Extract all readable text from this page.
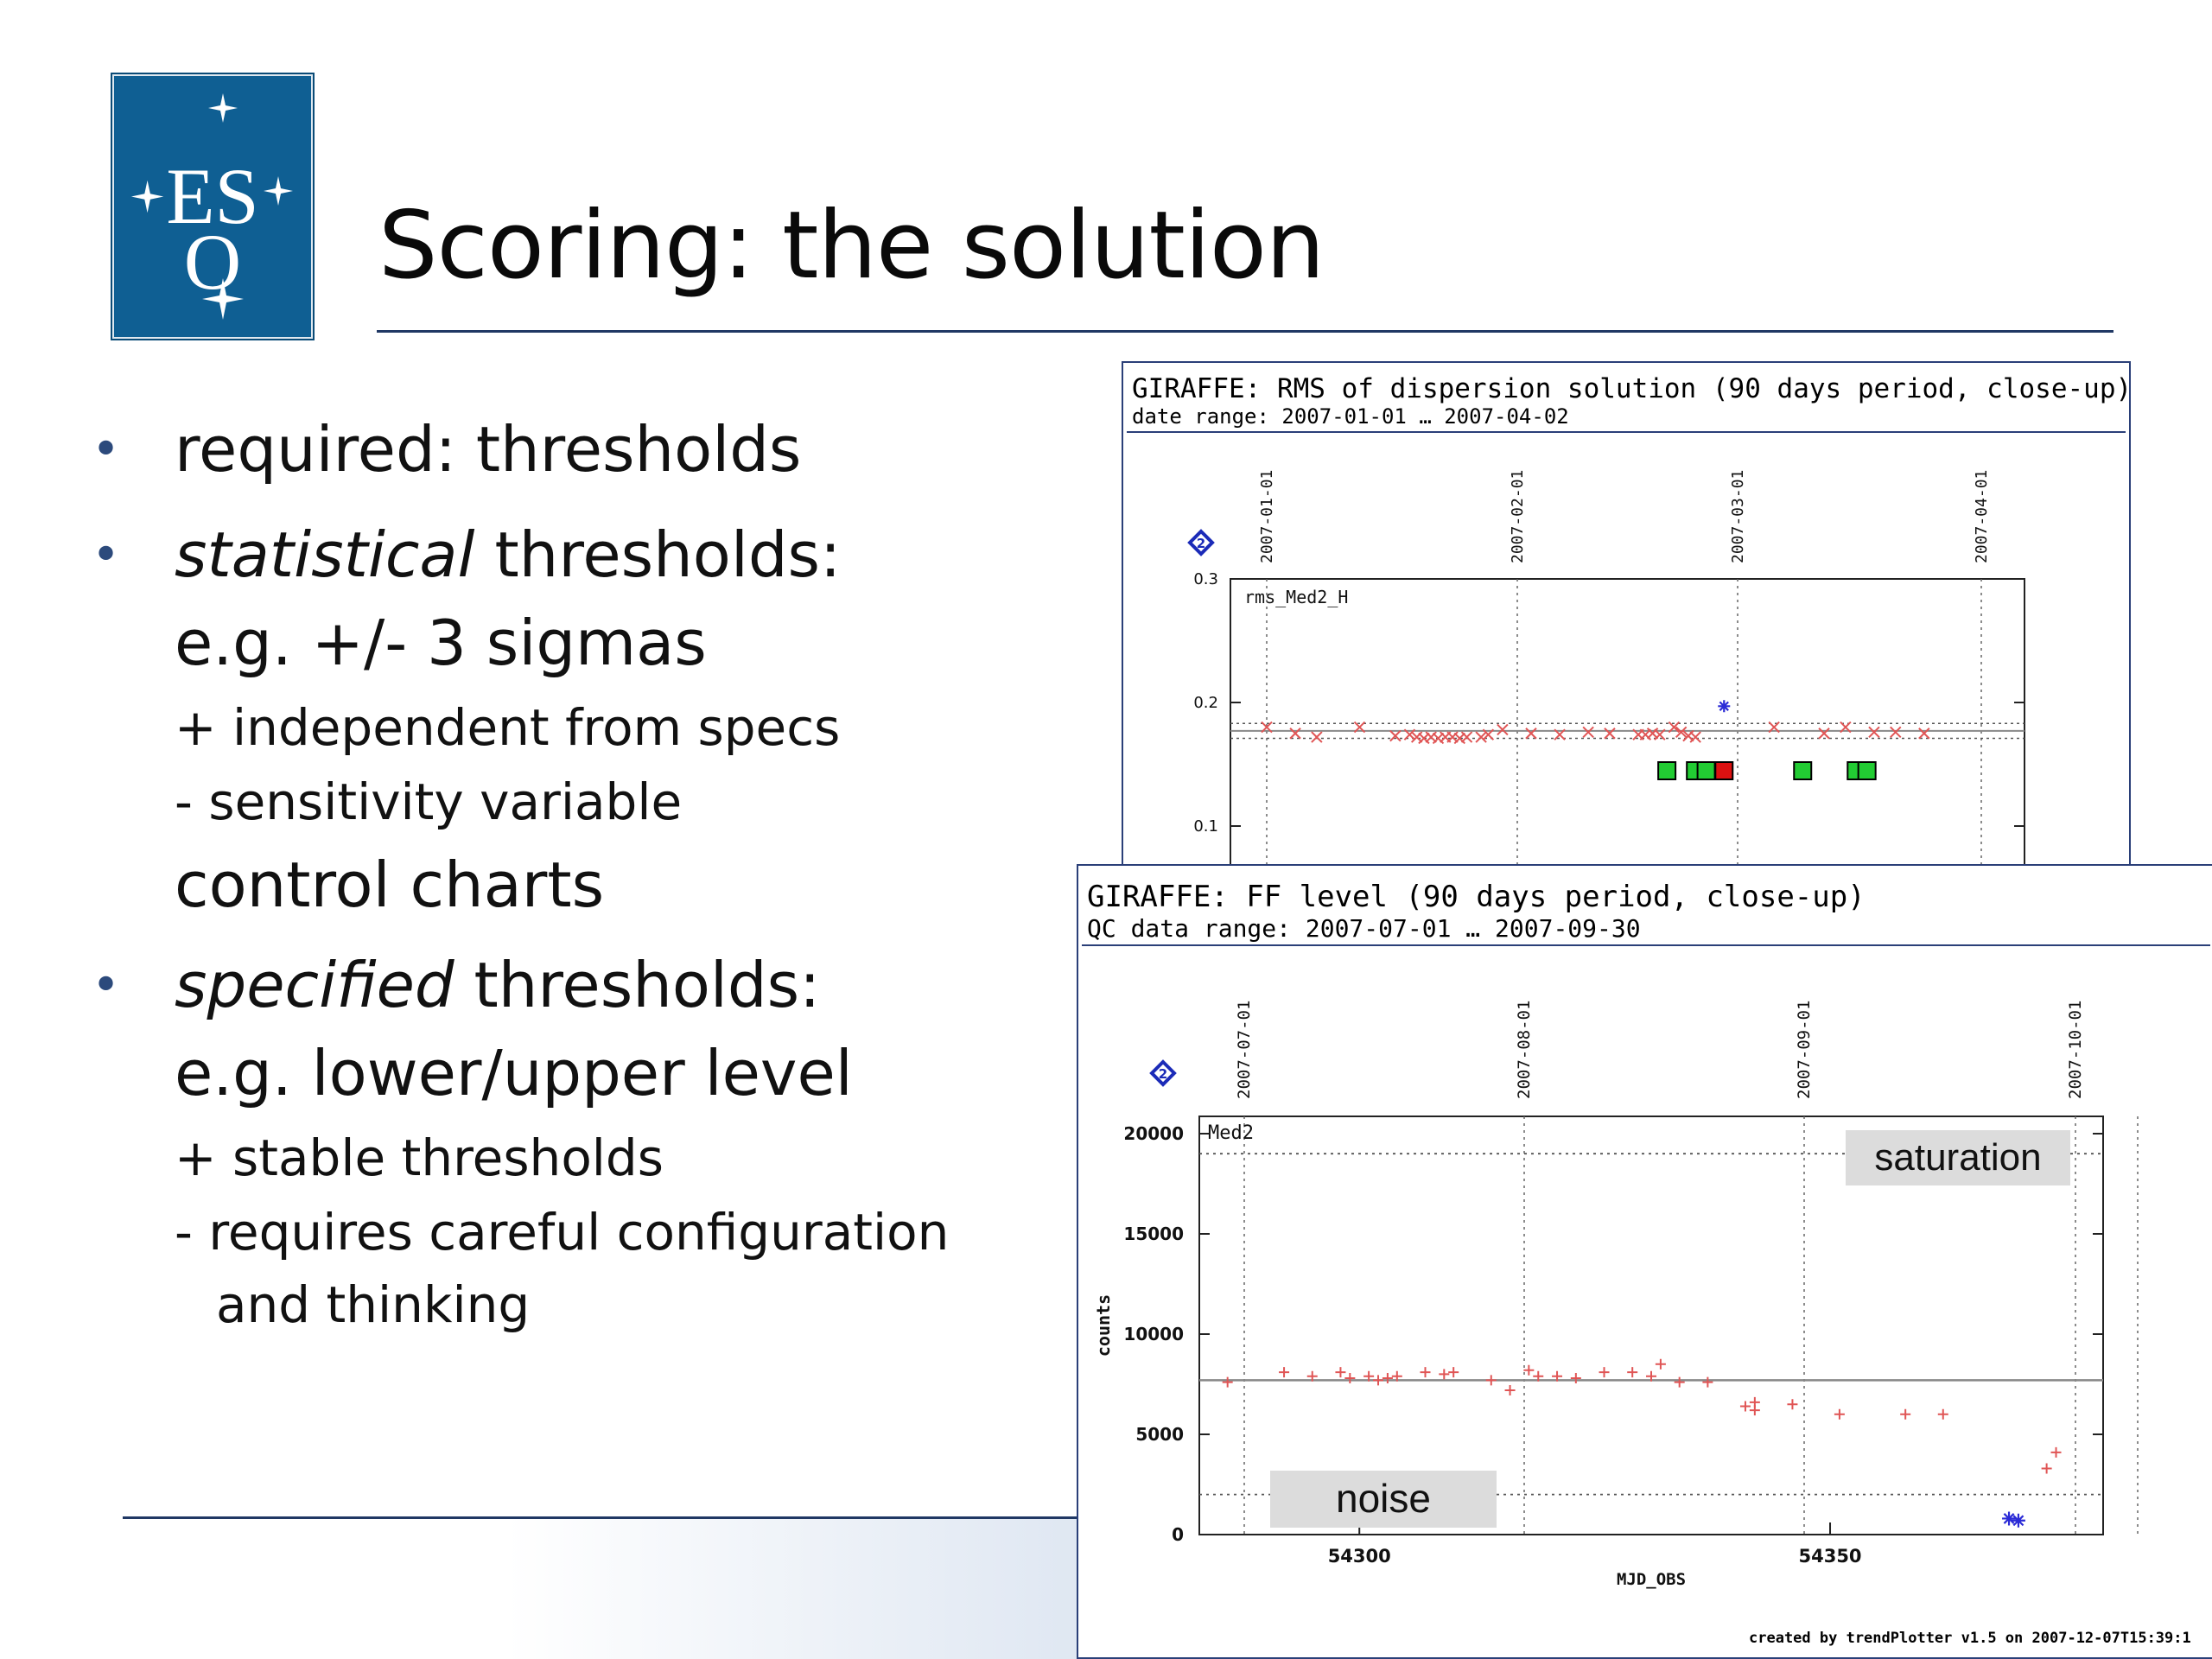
ES
O Scoring: the solution
• required: thresholds
• statistical thresholds:
e.g. +/- 3 sigmas
+ independent from specs
- sensitivity variable
control charts
• specified thresholds:
e.g. lower/upper level
+ stable thresholds
- requires careful configuration
and thinking
GIRAFFE: RMS of dispersion solution (90 days period, close-up)
date range: 2007-01-01 … 2007-04-02
2	2007-01-01	2007-02-01	2007-03-01	2007-04-01
0.3
0.2
0.1
rms_Med2_H
GIRAFFE: FF level (90 days period, close-up)
QC data range: 2007-07-01 … 2007-09-30
2	2007-07-01	2007-08-01	2007-09-01	2007-10-01
20000
15000
10000
5000
0
54300	54350
MJD_OBS
counts
Med2
saturation
noise
created by trendPlotter v1.5 on 2007-12-07T15:39:1
